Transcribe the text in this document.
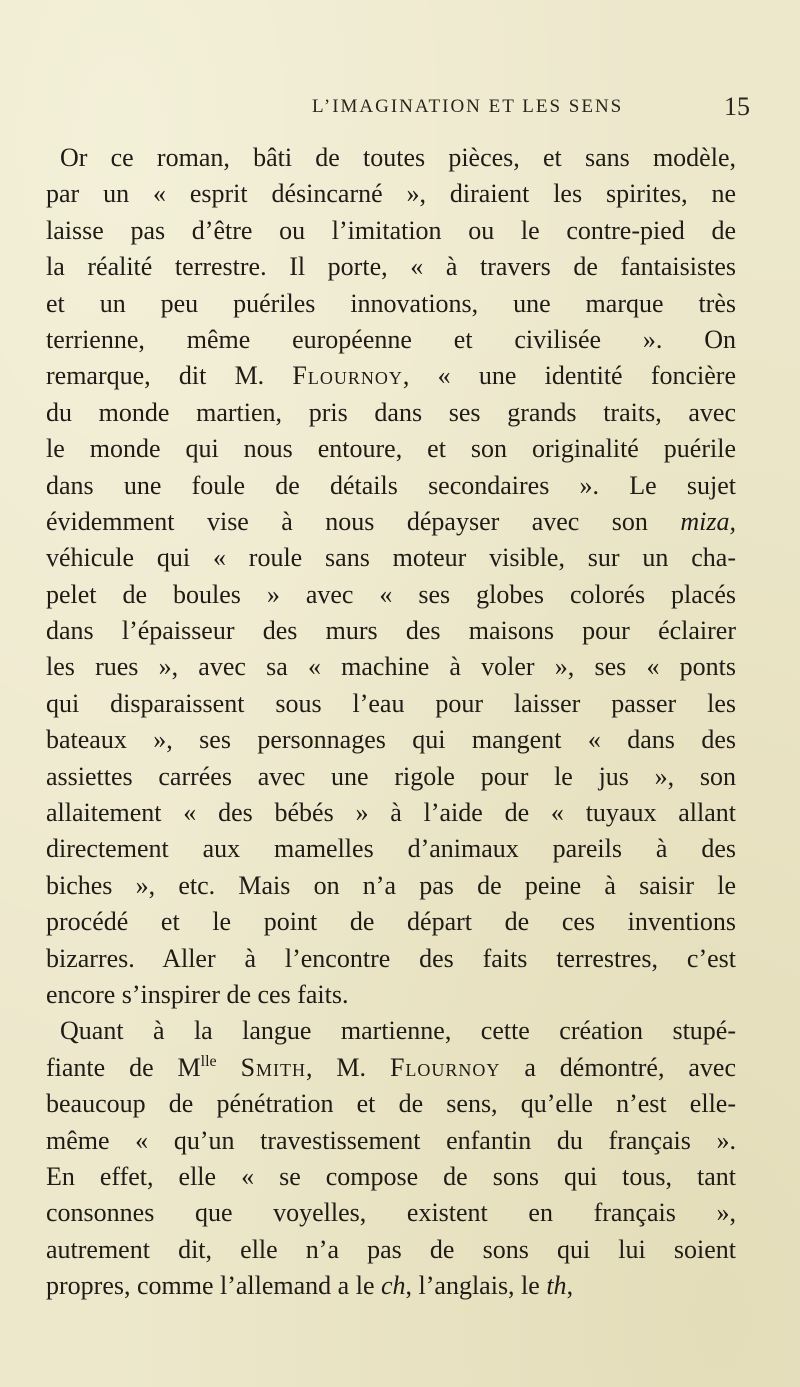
L’IMAGINATION ET LES SENS	15
Or ce roman, bâti de toutes pièces, et sans modèle,
par un « esprit désincarné », diraient les spirites, ne
laisse pas d’être ou l’imitation ou le contre-pied de
la réalité terrestre. Il porte, « à travers de fantaisistes
et un peu puériles innovations, une marque très
terrienne, même européenne et civilisée ». On
remarque, dit M. Flournoy, « une identité foncière
du monde martien, pris dans ses grands traits, avec
le monde qui nous entoure, et son originalité puérile
dans une foule de détails secondaires ». Le sujet
évidemment vise à nous dépayser avec son miza,
véhicule qui « roule sans moteur visible, sur un cha-
pelet de boules » avec « ses globes colorés placés
dans l’épaisseur des murs des maisons pour éclairer
les rues », avec sa « machine à voler », ses « ponts
qui disparaissent sous l’eau pour laisser passer les
bateaux », ses personnages qui mangent « dans des
assiettes carrées avec une rigole pour le jus », son
allaitement « des bébés » à l’aide de « tuyaux allant
directement aux mamelles d’animaux pareils à des
biches », etc. Mais on n’a pas de peine à saisir le
procédé et le point de départ de ces inventions
bizarres. Aller à l’encontre des faits terrestres, c’est
encore s’inspirer de ces faits.
Quant à la langue martienne, cette création stupé-
fiante de $M^{lle}$ Smith, M. Flournoy a démontré, avec
beaucoup de pénétration et de sens, qu’elle n’est elle-
même « qu’un travestissement enfantin du français ».
En effet, elle « se compose de sons qui tous, tant
consonnes que voyelles, existent en français »,
autrement dit, elle n’a pas de sons qui lui soient
propres, comme l’allemand a le ch, l’anglais, le th,
